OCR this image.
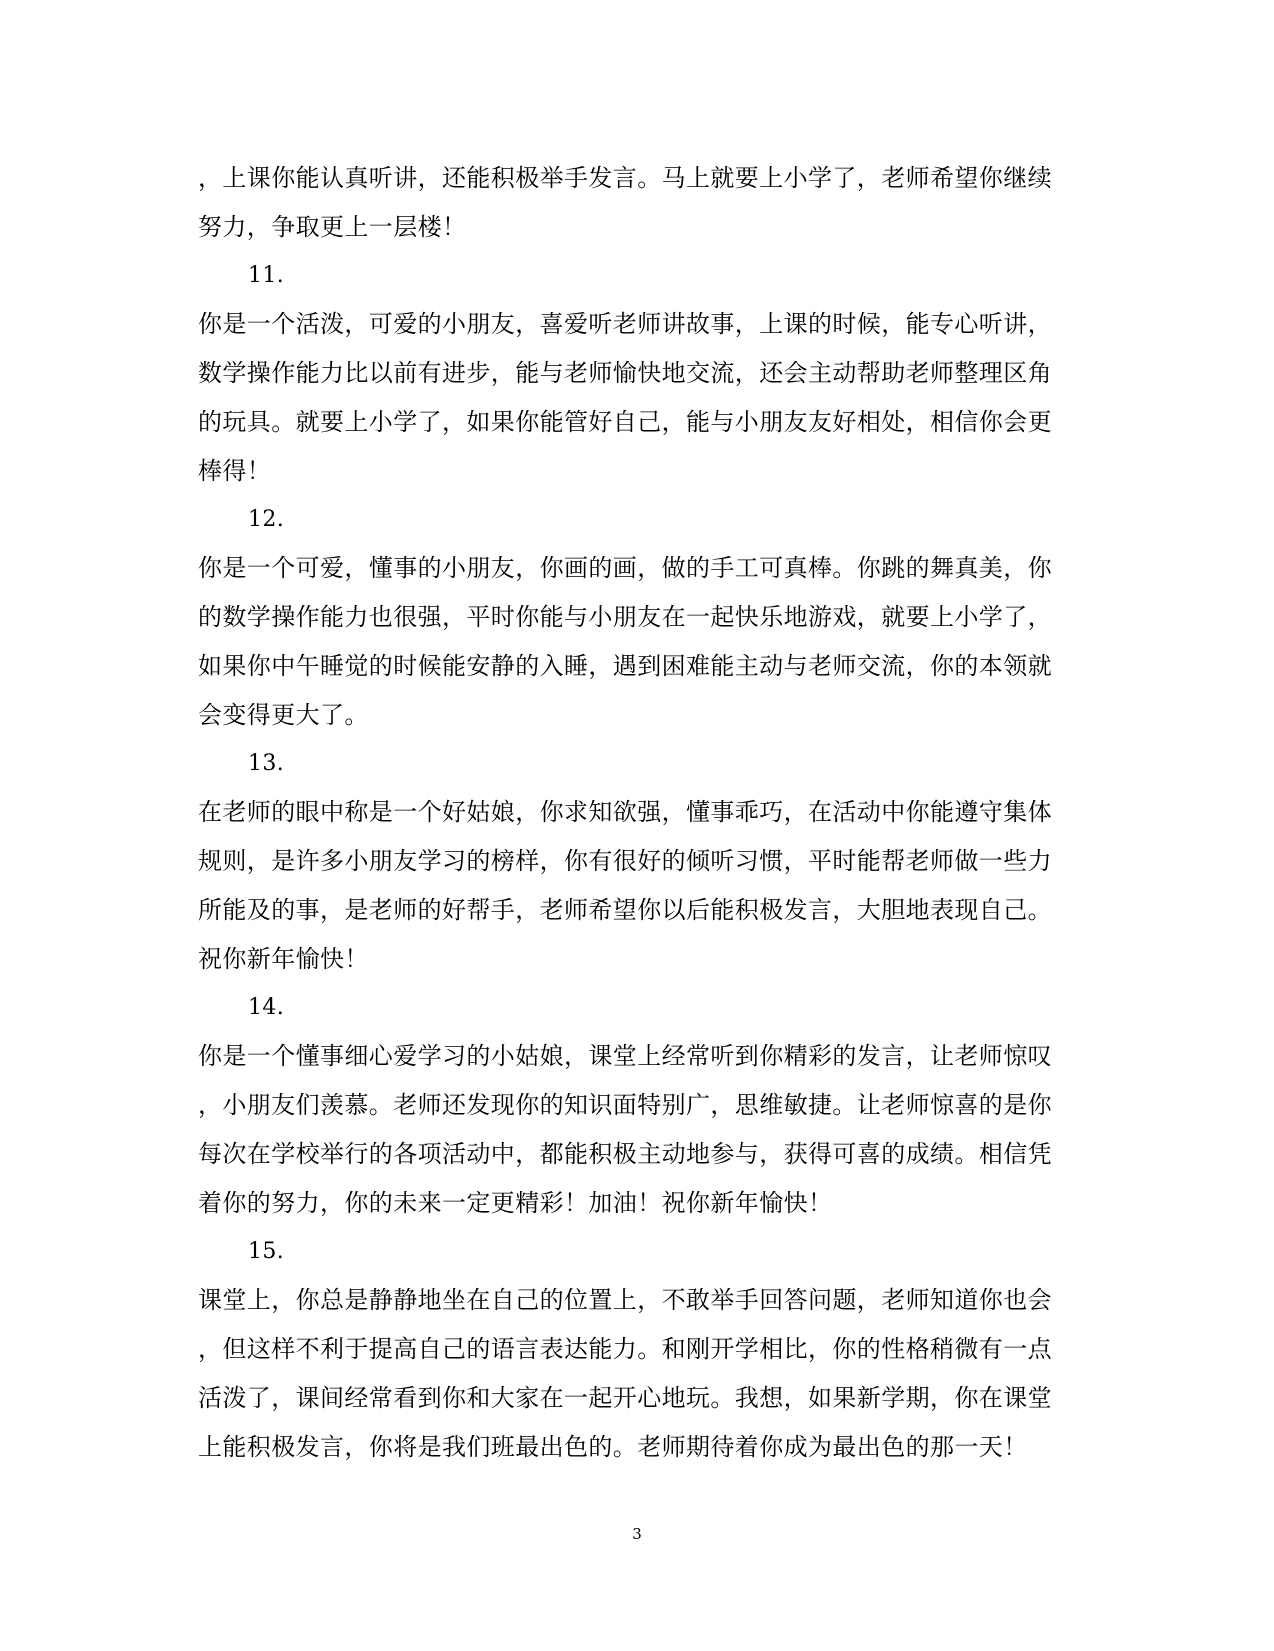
，上课你能认真听讲，还能积极举手发言。马上就要上小学了，老师希望你继续
努力，争取更上一层楼！
11.
你是一个活泼，可爱的小朋友，喜爱听老师讲故事，上课的时候，能专心听讲，
数学操作能力比以前有进步，能与老师愉快地交流，还会主动帮助老师整理区角
的玩具。就要上小学了，如果你能管好自己，能与小朋友友好相处，相信你会更
棒得！
12.
你是一个可爱，懂事的小朋友，你画的画，做的手工可真棒。你跳的舞真美，你
的数学操作能力也很强，平时你能与小朋友在一起快乐地游戏，就要上小学了，
如果你中午睡觉的时候能安静的入睡，遇到困难能主动与老师交流，你的本领就
会变得更大了。
13.
在老师的眼中称是一个好姑娘，你求知欲强，懂事乖巧，在活动中你能遵守集体
规则，是许多小朋友学习的榜样，你有很好的倾听习惯，平时能帮老师做一些力
所能及的事，是老师的好帮手，老师希望你以后能积极发言，大胆地表现自己。
祝你新年愉快！
14.
你是一个懂事细心爱学习的小姑娘，课堂上经常听到你精彩的发言，让老师惊叹
，小朋友们羡慕。老师还发现你的知识面特别广，思维敏捷。让老师惊喜的是你
每次在学校举行的各项活动中，都能积极主动地参与，获得可喜的成绩。相信凭
着你的努力，你的未来一定更精彩！加油！祝你新年愉快！
15.
课堂上，你总是静静地坐在自己的位置上，不敢举手回答问题，老师知道你也会
，但这样不利于提高自己的语言表达能力。和刚开学相比，你的性格稍微有一点
活泼了，课间经常看到你和大家在一起开心地玩。我想，如果新学期，你在课堂
上能积极发言，你将是我们班最出色的。老师期待着你成为最出色的那一天！
3
